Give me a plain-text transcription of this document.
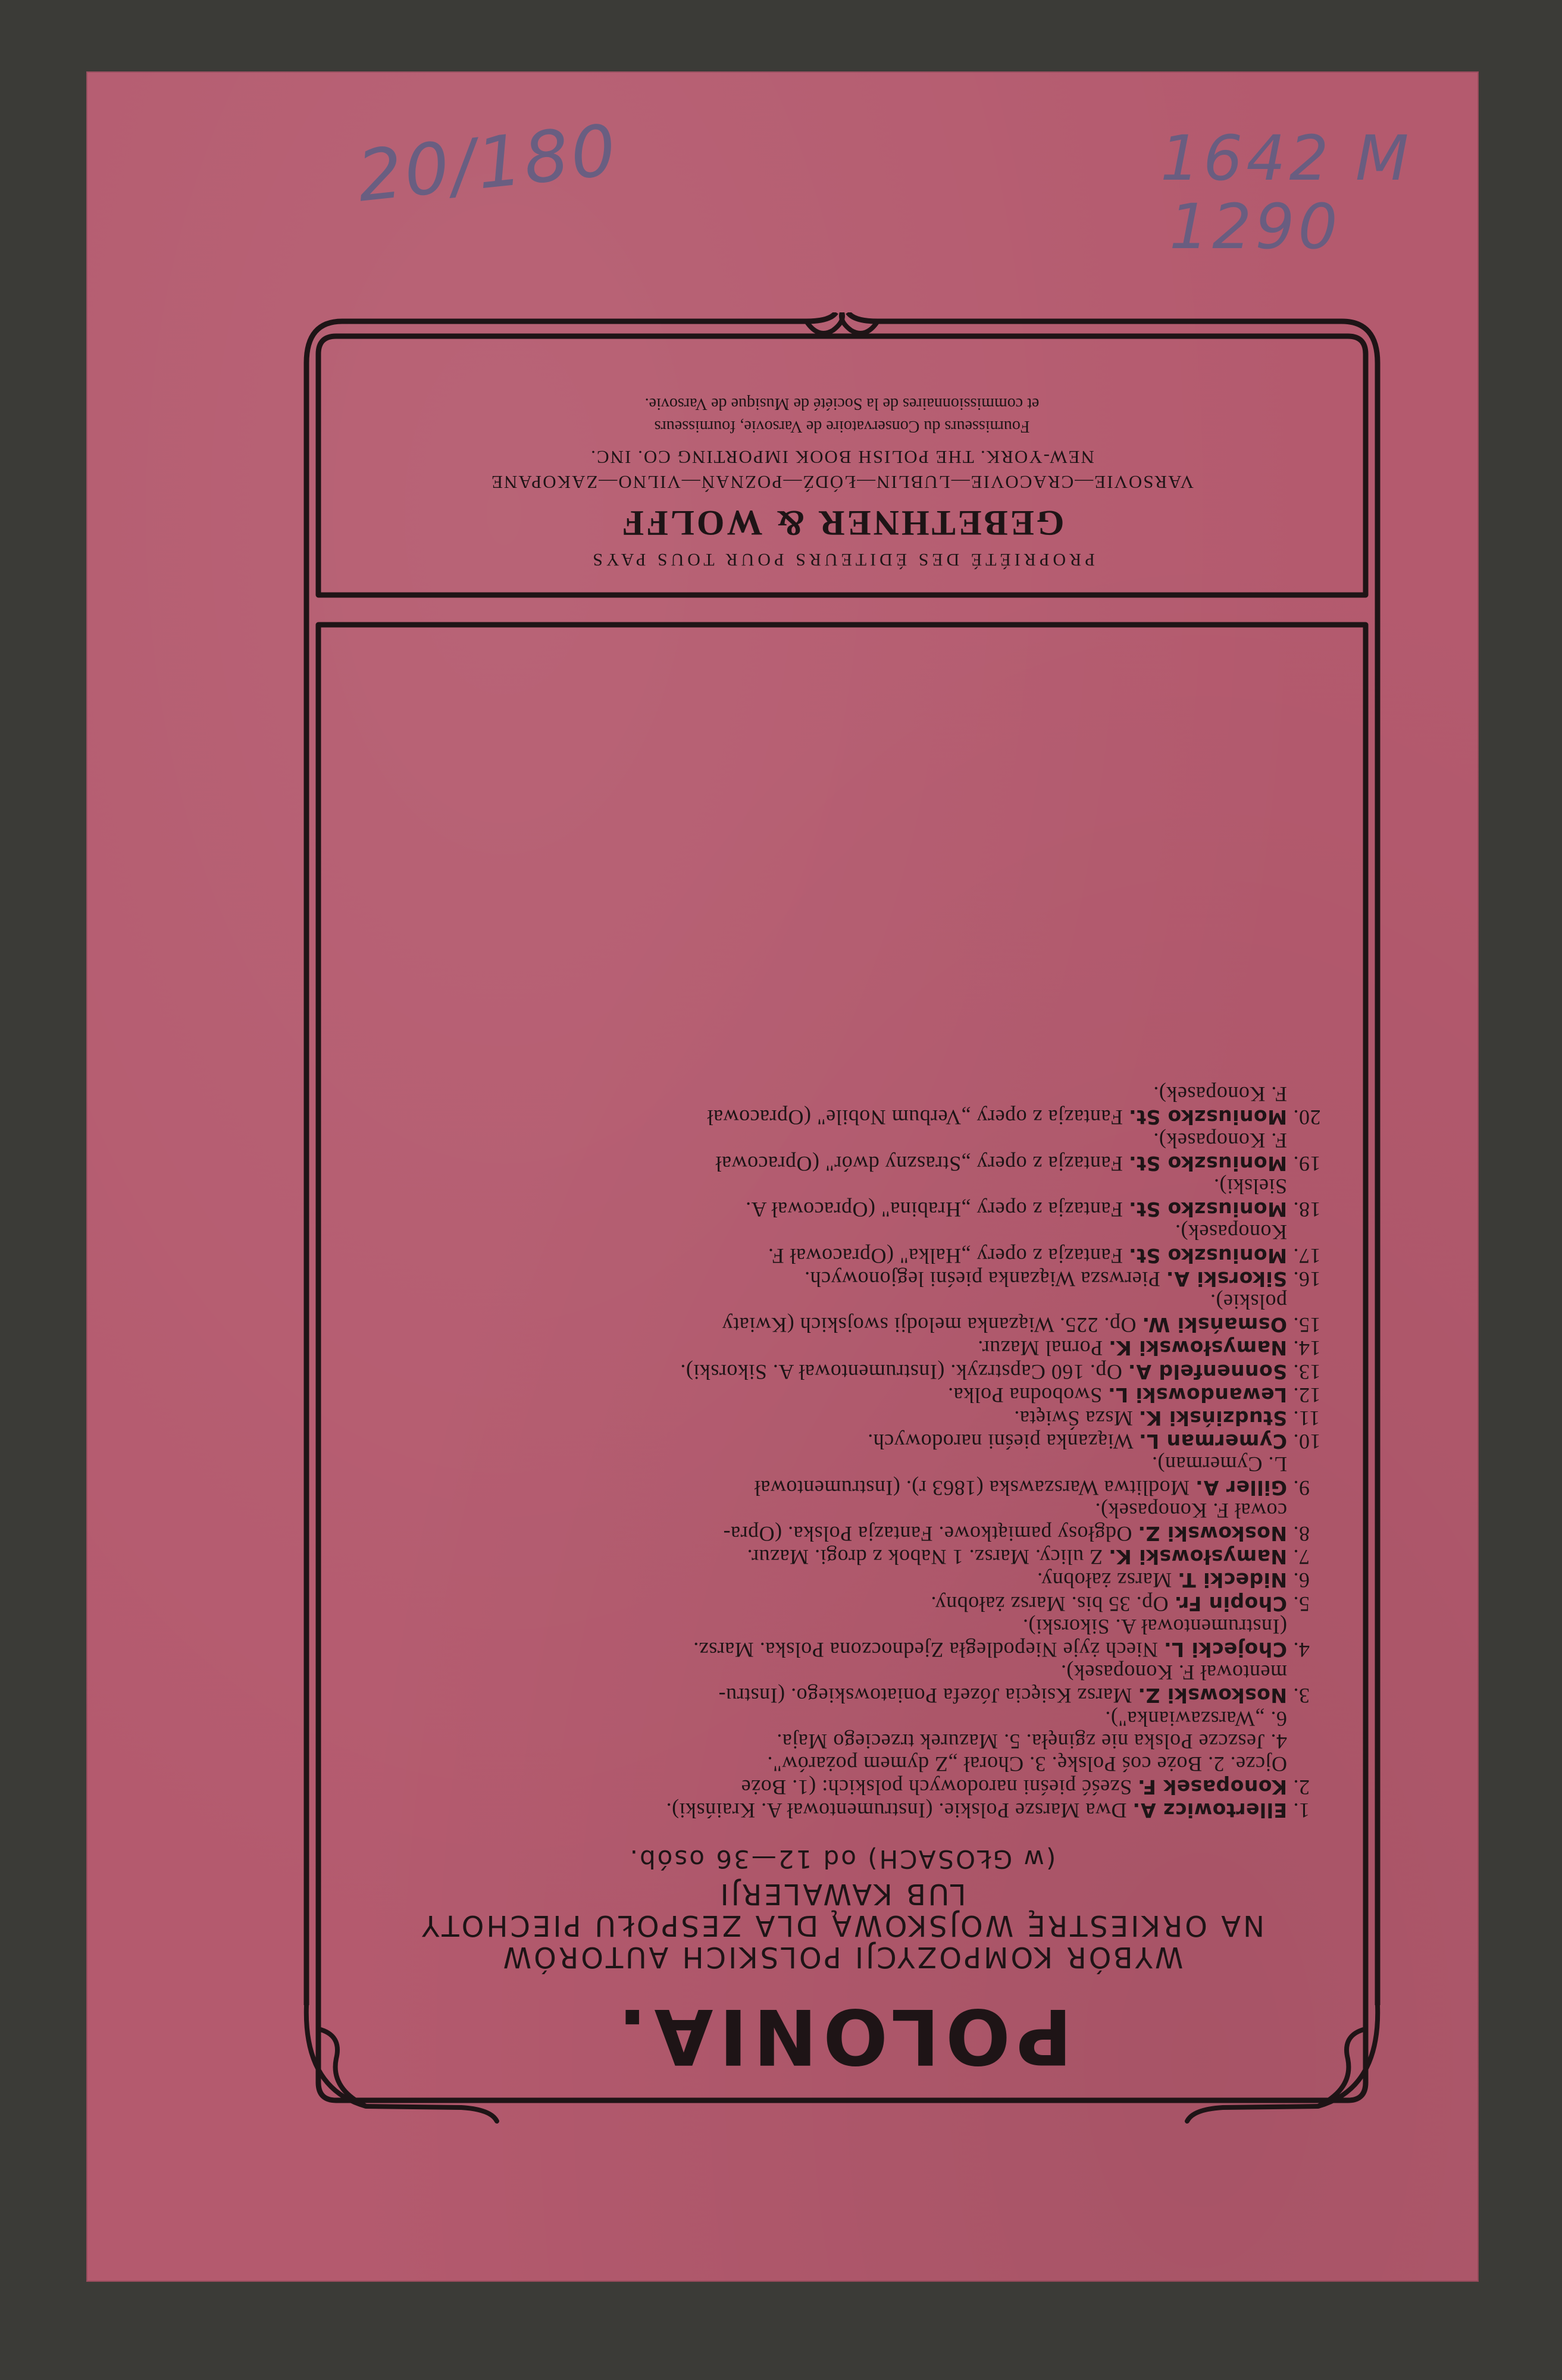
20/180	1642 M
1290
POLONIA.
WYBÓR KOMPOZYCJI POLSKICH AUTORÓW
NA ORKIESTRĘ WOJSKOWĄ DLA ZESPOŁU PIECHOTY
LUB KAWALERJI
(w GŁOSACH) od 12—36 osób.
1.
Ellertowicz A. Dwa Marsze Polskie. (Instrumentował A. Kraiński).
2.
Konopasek F. Sześć pieśni narodowych polskich: (1. Boże
Ojcze. 2. Boże coś Polskę. 3. Chorał „Z dymem pożarów".
4. Jeszcze Polska nie zginęła. 5. Mazurek trzeciego Maja.
6. „Warszawianka").
3.
Noskowski Z. Marsz Księcia Józefa Poniatowskiego. (Instru-
mentował F. Konopasek).
4.
Chojecki L. Niech żyje Niepodległa Zjednoczona Polska. Marsz.
(Instrumentował A. Sikorski).
5.
Chopin Fr. Op. 35 bis. Marsz żałobny.
6.
Nidecki T. Marsz żałobny.
7.
Namysłowski K. Z ulicy. Marsz. 1 Nabok z drogi. Mazur.
8.
Noskowski Z. Odgłosy pamiątkowe. Fantazja Polska. (Opra-
cował F. Konopasek).
9.
Giller A. Modlitwa Warszawska (1863 r). (Instrumentował
L. Cymerman).
10.
Cymerman L. Wiązanka pieśni narodowych.
11.
Studziński K. Msza Święta.
12.
Lewandowski L. Swobodna Polka.
13.
Sonnenfeld A. Op. 160 Capstrzyk. (Instrumentował A. Sikorski).
14.
Namysłowski K. Pornal Mazur.
15.
Osmański W. Op. 225. Wiązanka melodji swojskich (Kwiaty
polskie).
16.
Sikorski A. Pierwsza Wiązanka pieśni legjonowych.
17.
Moniuszko St. Fantazja z opery „Halka" (Opracował F.
Konopasek).
18.
Moniuszko St. Fantazja z opery „Hrabina" (Opracował A.
Sielski).
19.
Moniuszko St. Fantazja z opery „Straszny dwór" (Opracował
F. Konopasek).
20.
Moniuszko St. Fantazja z opery „Verbum Nobile" (Opracował
F. Konopasek).
PROPRIÉTÉ DES ÉDITEURS POUR TOUS PAYS
GEBETHNER & WOLFF
VARSOVIE—CRACOVIE—LUBLIN—ŁÓDŹ—POZNAŃ—VILNO—ZAKOPANE
NEW-YORK. THE POLISH BOOK IMPORTING CO. INC.
Fournisseurs du Conservatoire de Varsovie, fournisseurs
et commissionnaires de la Société de Musique de Varsovie.
